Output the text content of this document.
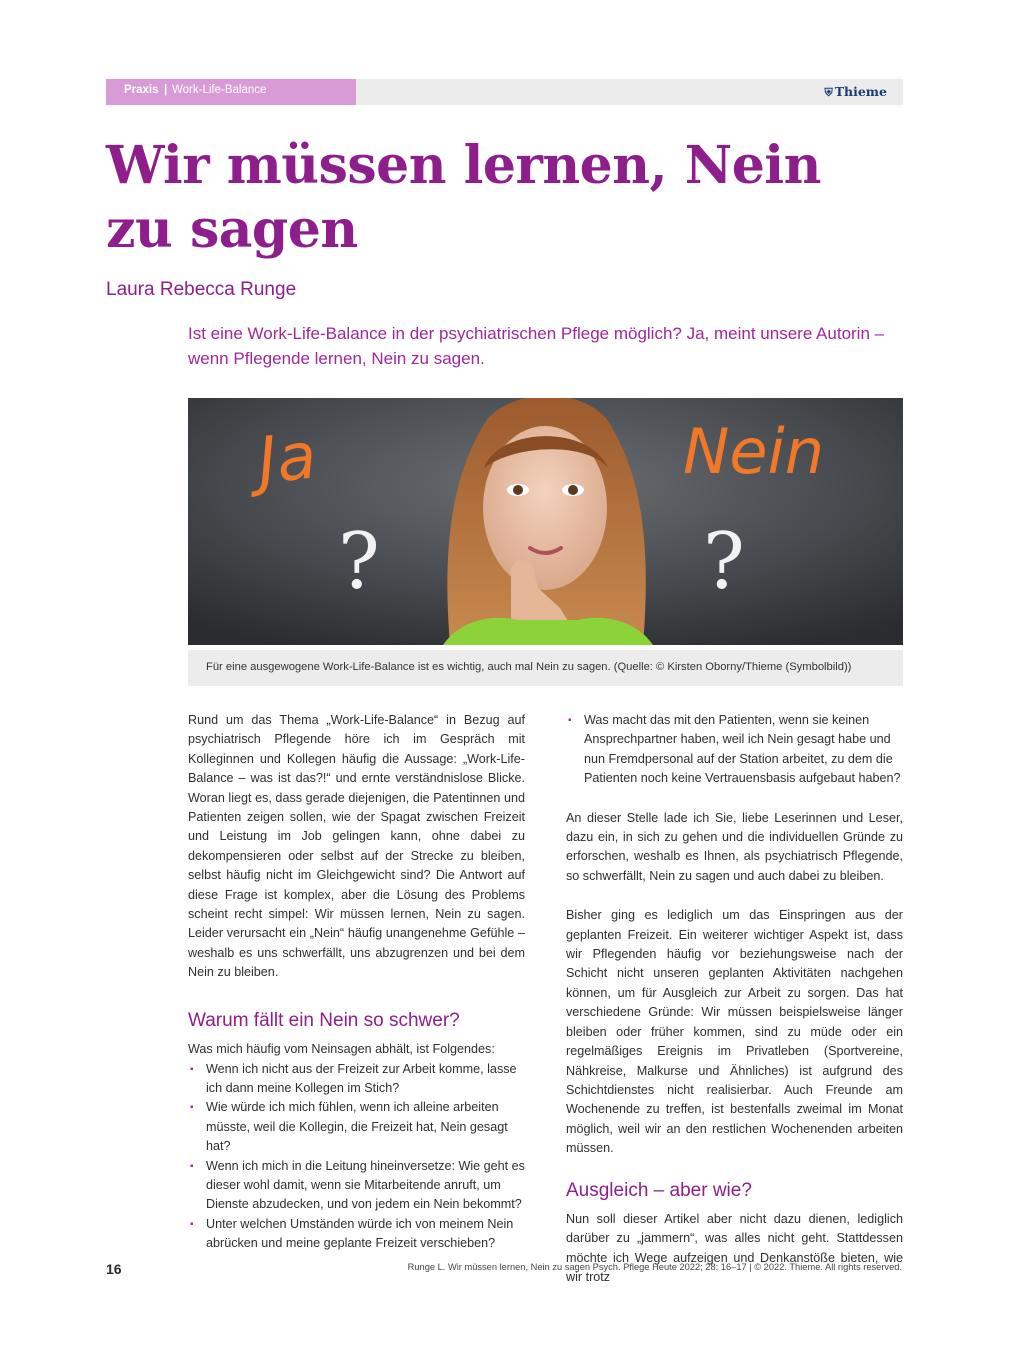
Praxis | Work-Life-Balance	⛨ Thieme
Wir müssen lernen, Nein zu sagen
Laura Rebecca Runge
Ist eine Work-Life-Balance in der psychiatrischen Pflege möglich? Ja, meint unsere Autorin – wenn Pflegende lernen, Nein zu sagen.
Ja	Nein
?	?
Für eine ausgewogene Work-Life-Balance ist es wichtig, auch mal Nein zu sagen. (Quelle: © Kirsten Oborny/Thieme (Symbolbild))

Rund um das Thema „Work-Life-Balance“ in Bezug auf psychiatrisch Pflegende höre ich im Gespräch mit Kolleginnen und Kollegen häufig die Aussage: „Work-Life-Balance – was ist das?!“ und ernte verständnislose Blicke. Woran liegt es, dass gerade diejenigen, die Patentinnen und Patienten zeigen sollen, wie der Spagat zwischen Freizeit und Leistung im Job gelingen kann, ohne dabei zu dekompensieren oder selbst auf der Strecke zu bleiben, selbst häufig nicht im Gleichgewicht sind? Die Antwort auf diese Frage ist komplex, aber die Lösung des Problems scheint recht simpel: Wir müssen lernen, Nein zu sagen. Leider verursacht ein „Nein“ häufig unangenehme Gefühle – weshalb es uns schwerfällt, uns abzugrenzen und bei dem Nein zu bleiben.

Warum fällt ein Nein so schwer?

Was mich häufig vom Neinsagen abhält, ist Folgendes:

▪ Wenn ich nicht aus der Freizeit zur Arbeit komme, lasse ich dann meine Kollegen im Stich?
▪ Wie würde ich mich fühlen, wenn ich alleine arbeiten müsste, weil die Kollegin, die Freizeit hat, Nein gesagt hat?
▪ Wenn ich mich in die Leitung hineinversetze: Wie geht es dieser wohl damit, wenn sie Mitarbeitende anruft, um Dienste abzudecken, und von jedem ein Nein bekommt?
▪ Unter welchen Umständen würde ich von meinem Nein abrücken und meine geplante Freizeit verschieben?
▪ Was macht das mit den Patienten, wenn sie keinen Ansprechpartner haben, weil ich Nein gesagt habe und nun Fremdpersonal auf der Station arbeitet, zu dem die Patienten noch keine Vertrauensbasis aufgebaut haben?

An dieser Stelle lade ich Sie, liebe Leserinnen und Leser, dazu ein, in sich zu gehen und die individuellen Gründe zu erforschen, weshalb es Ihnen, als psychiatrisch Pflegende, so schwerfällt, Nein zu sagen und auch dabei zu bleiben.

Bisher ging es lediglich um das Einspringen aus der geplanten Freizeit. Ein weiterer wichtiger Aspekt ist, dass wir Pflegenden häufig vor beziehungsweise nach der Schicht nicht unseren geplanten Aktivitäten nachgehen können, um für Ausgleich zur Arbeit zu sorgen. Das hat verschiedene Gründe: Wir müssen beispielsweise länger bleiben oder früher kommen, sind zu müde oder ein regelmäßiges Ereignis im Privatleben (Sportvereine, Nähkreise, Malkurse und Ähnliches) ist aufgrund des Schichtdienstes nicht realisierbar. Auch Freunde am Wochenende zu treffen, ist bestenfalls zweimal im Monat möglich, weil wir an den restlichen Wochenenden arbeiten müssen.

Ausgleich – aber wie?

Nun soll dieser Artikel aber nicht dazu dienen, lediglich darüber zu „jammern“, was alles nicht geht. Stattdessen möchte ich Wege aufzeigen und Denkanstöße bieten, wie wir trotz

16	Runge L. Wir müssen lernen, Nein zu sagen Psych. Pflege Heute 2022; 28: 16–17 | © 2022. Thieme. All rights reserved.
